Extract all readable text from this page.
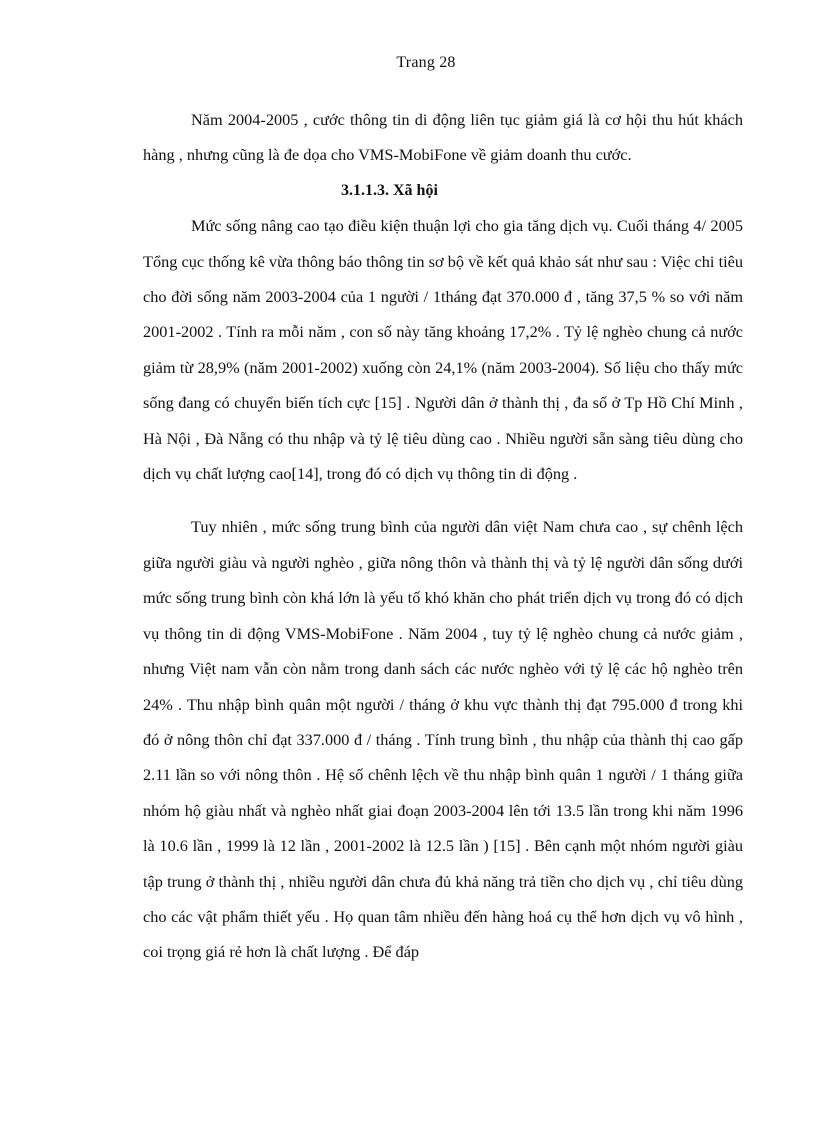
Trang 28

Năm 2004-2005 , cước thông tin di động liên tục giảm giá là cơ hội thu hút khách hàng , nhưng cũng là đe dọa cho VMS-MobiFone về giảm doanh thu cước.

3.1.1.3. Xã hội

Mức sống nâng cao tạo điều kiện thuận lợi cho gia tăng dịch vụ. Cuối tháng 4/ 2005 Tổng cục thống kê vừa thông báo thông tin sơ bộ về kết quả khảo sát như sau : Việc chi tiêu cho đời sống năm 2003-2004 của 1 người / 1tháng đạt 370.000 đ , tăng 37,5 % so với năm 2001-2002 . Tính ra mỗi năm , con số này tăng khoảng 17,2% . Tỷ lệ nghèo chung cả nước giảm từ 28,9% (năm 2001-2002) xuống còn 24,1% (năm 2003-2004). Số liệu cho thấy mức sống đang có chuyển biến tích cực [15] . Người dân ở thành thị , đa số ở Tp Hồ Chí Minh , Hà Nội , Đà Nẵng có thu nhập và tỷ lệ tiêu dùng cao . Nhiều người sẵn sàng tiêu dùng cho dịch vụ chất lượng cao[14], trong đó có dịch vụ thông tin di động .

Tuy nhiên , mức sống trung bình của người dân việt Nam chưa cao , sự chênh lệch giữa người giàu và người nghèo , giữa nông thôn và thành thị và tỷ lệ người dân sống dưới mức sống trung bình còn khá lớn là yếu tố khó khăn cho phát triển dịch vụ trong đó có dịch vụ thông tin di động VMS-MobiFone . Năm 2004 , tuy tỷ lệ nghèo chung cả nước giảm , nhưng Việt nam vẫn còn nằm trong danh sách các nước nghèo với tỷ lệ các hộ nghèo trên 24% . Thu nhập bình quân một người / tháng ở khu vực thành thị đạt 795.000 đ trong khi đó ở nông thôn chỉ đạt 337.000 đ / tháng . Tính trung bình , thu nhập của thành thị cao gấp 2.11 lần so với nông thôn . Hệ số chênh lệch về thu nhập bình quân 1 người / 1 tháng giữa nhóm hộ giàu nhất và nghèo nhất giai đoạn 2003-2004 lên tới 13.5 lần trong khi năm 1996 là 10.6 lần , 1999 là 12 lần , 2001-2002 là 12.5 lần ) [15] . Bên cạnh một nhóm người giàu tập trung ở thành thị , nhiều người dân chưa đủ khả năng trả tiền cho dịch vụ , chỉ tiêu dùng cho các vật phẩm thiết yếu . Họ quan tâm nhiều đến hàng hoá cụ thể hơn dịch vụ vô hình , coi trọng giá rẻ hơn là chất lượng . Để đáp
